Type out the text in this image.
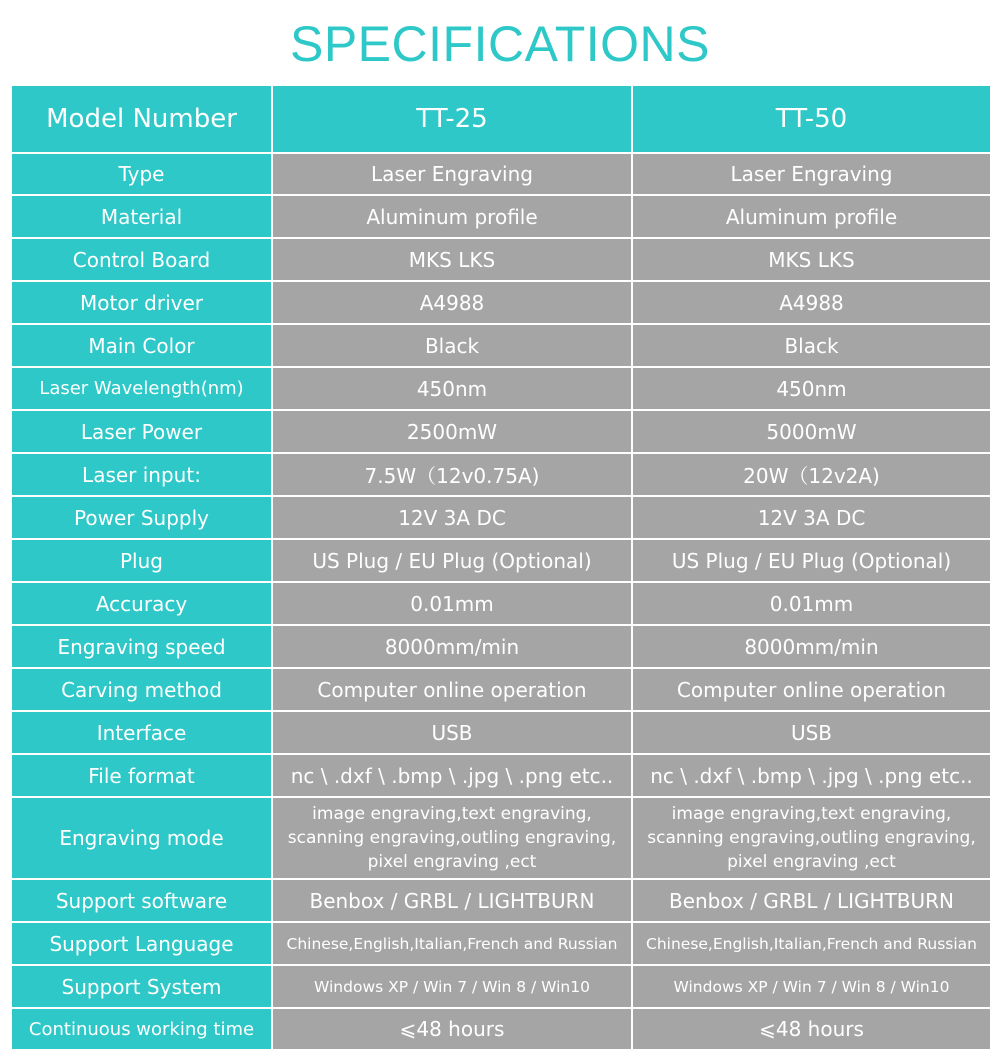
SPECIFICATIONS
Model Number	TT-25	TT-50
Type	Laser Engraving	Laser Engraving
Material	Aluminum profile	Aluminum profile
Control Board	MKS LKS	MKS LKS
Motor driver	A4988	A4988
Main Color	Black	Black
Laser Wavelength(nm)	450nm	450nm
Laser Power	2500mW	5000mW
Laser input:	7.5W（12v0.75A)	20W（12v2A)
Power Supply	12V 3A DC	12V 3A DC
Plug	US Plug / EU Plug (Optional)	US Plug / EU Plug (Optional)
Accuracy	0.01mm	0.01mm
Engraving speed	8000mm/min	8000mm/min
Carving method	Computer online operation	Computer online operation
Interface	USB	USB
File format	nc \ .dxf \ .bmp \ .jpg \ .png etc..	nc \ .dxf \ .bmp \ .jpg \ .png etc..
Engraving mode	image engraving,text engraving, scanning engraving,outling engraving, pixel engraving ,ect	image engraving,text engraving, scanning engraving,outling engraving, pixel engraving ,ect
Support software	Benbox / GRBL / LIGHTBURN	Benbox / GRBL / LIGHTBURN
Support Language	Chinese,English,Italian,French and Russian	Chinese,English,Italian,French and Russian
Support System	Windows XP / Win 7 / Win 8 / Win10	Windows XP / Win 7 / Win 8 / Win10
Continuous working time	⩽48 hours	⩽48 hours
